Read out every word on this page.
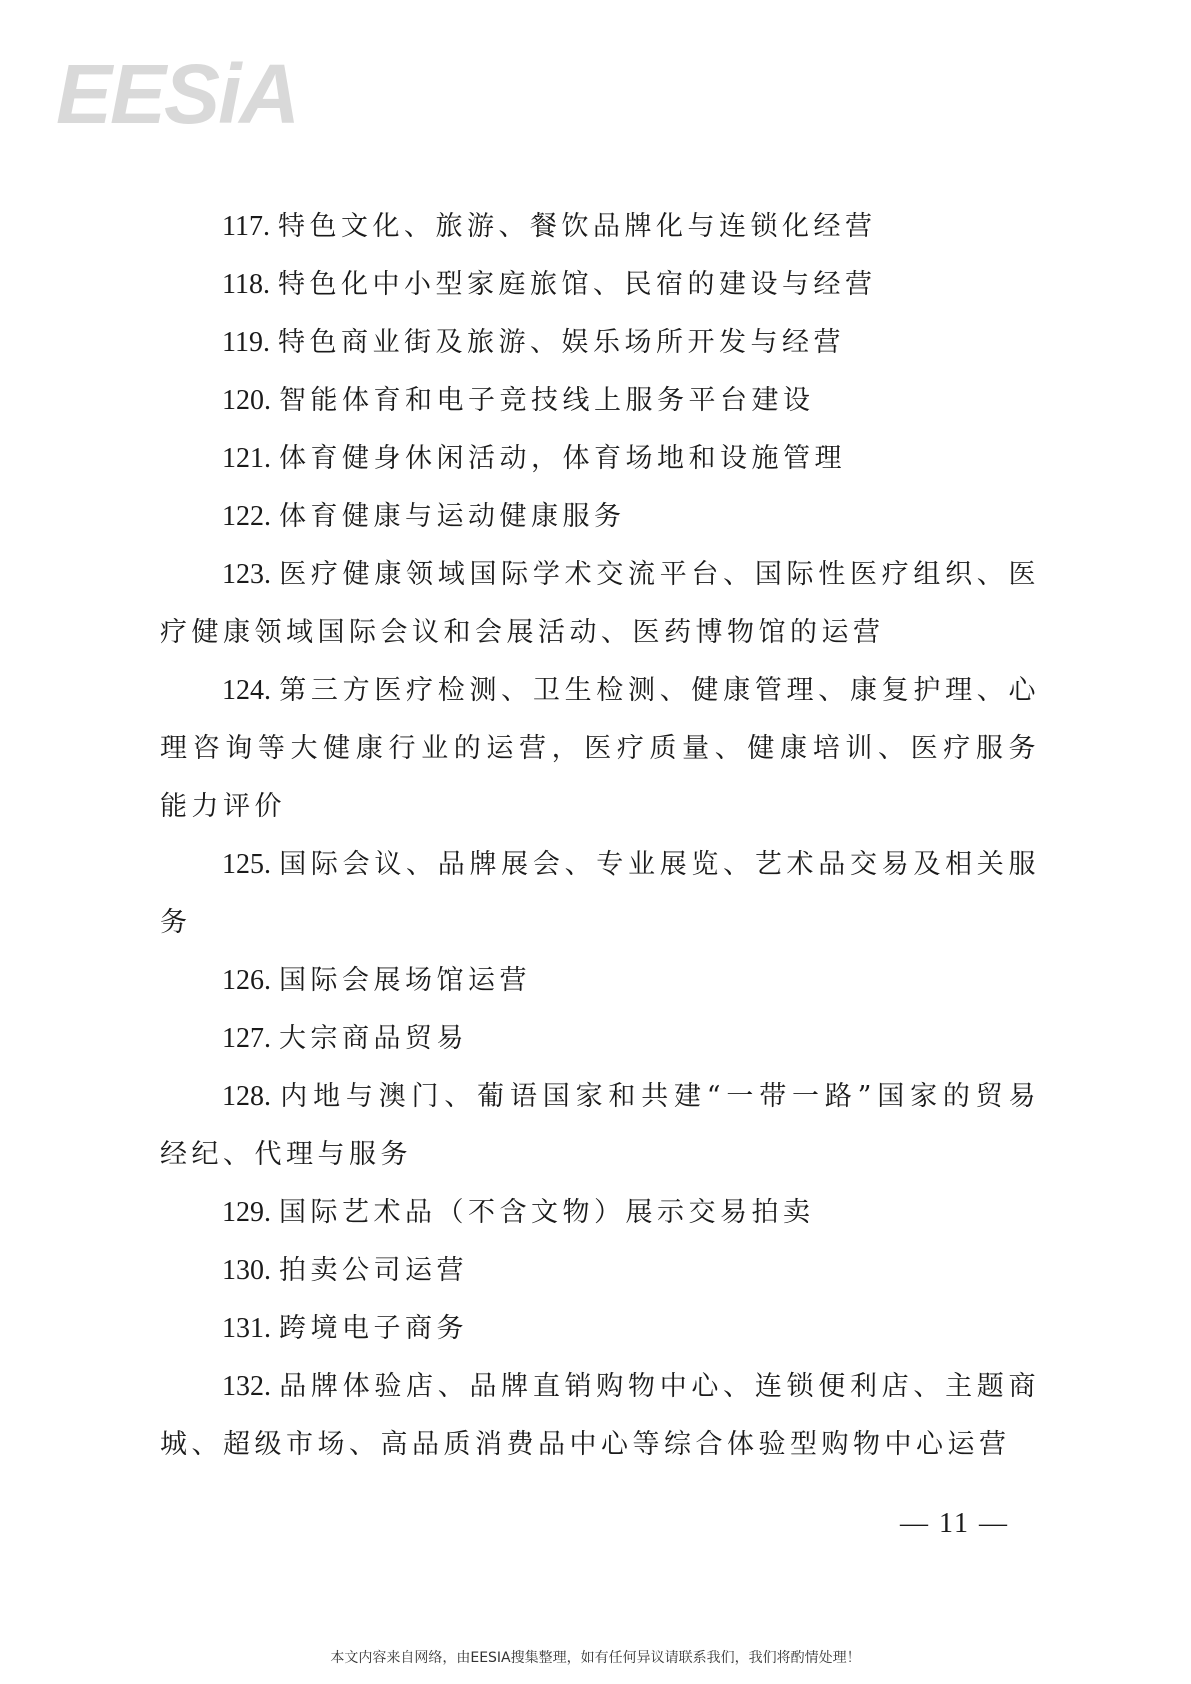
EESiA

117. 特色文化、旅游、餐饮品牌化与连锁化经营

118. 特色化中小型家庭旅馆、民宿的建设与经营

119. 特色商业街及旅游、娱乐场所开发与经营

120. 智能体育和电子竞技线上服务平台建设

121. 体育健身休闲活动，体育场地和设施管理

122. 体育健康与运动健康服务

123. 医疗健康领域国际学术交流平台、国际性医疗组织、医疗健康领域国际会议和会展活动、医药博物馆的运营

124. 第三方医疗检测、卫生检测、健康管理、康复护理、心理咨询等大健康行业的运营，医疗质量、健康培训、医疗服务能力评价

125. 国际会议、品牌展会、专业展览、艺术品交易及相关服务

126. 国际会展场馆运营

127. 大宗商品贸易

128. 内地与澳门、葡语国家和共建“一带一路”国家的贸易经纪、代理与服务

129. 国际艺术品（不含文物）展示交易拍卖

130. 拍卖公司运营

131. 跨境电子商务

132. 品牌体验店、品牌直销购物中心、连锁便利店、主题商城、超级市场、高品质消费品中心等综合体验型购物中心运营

— 11 —
本文内容来自网络，由EESIA搜集整理，如有任何异议请联系我们，我们将酌情处理！
